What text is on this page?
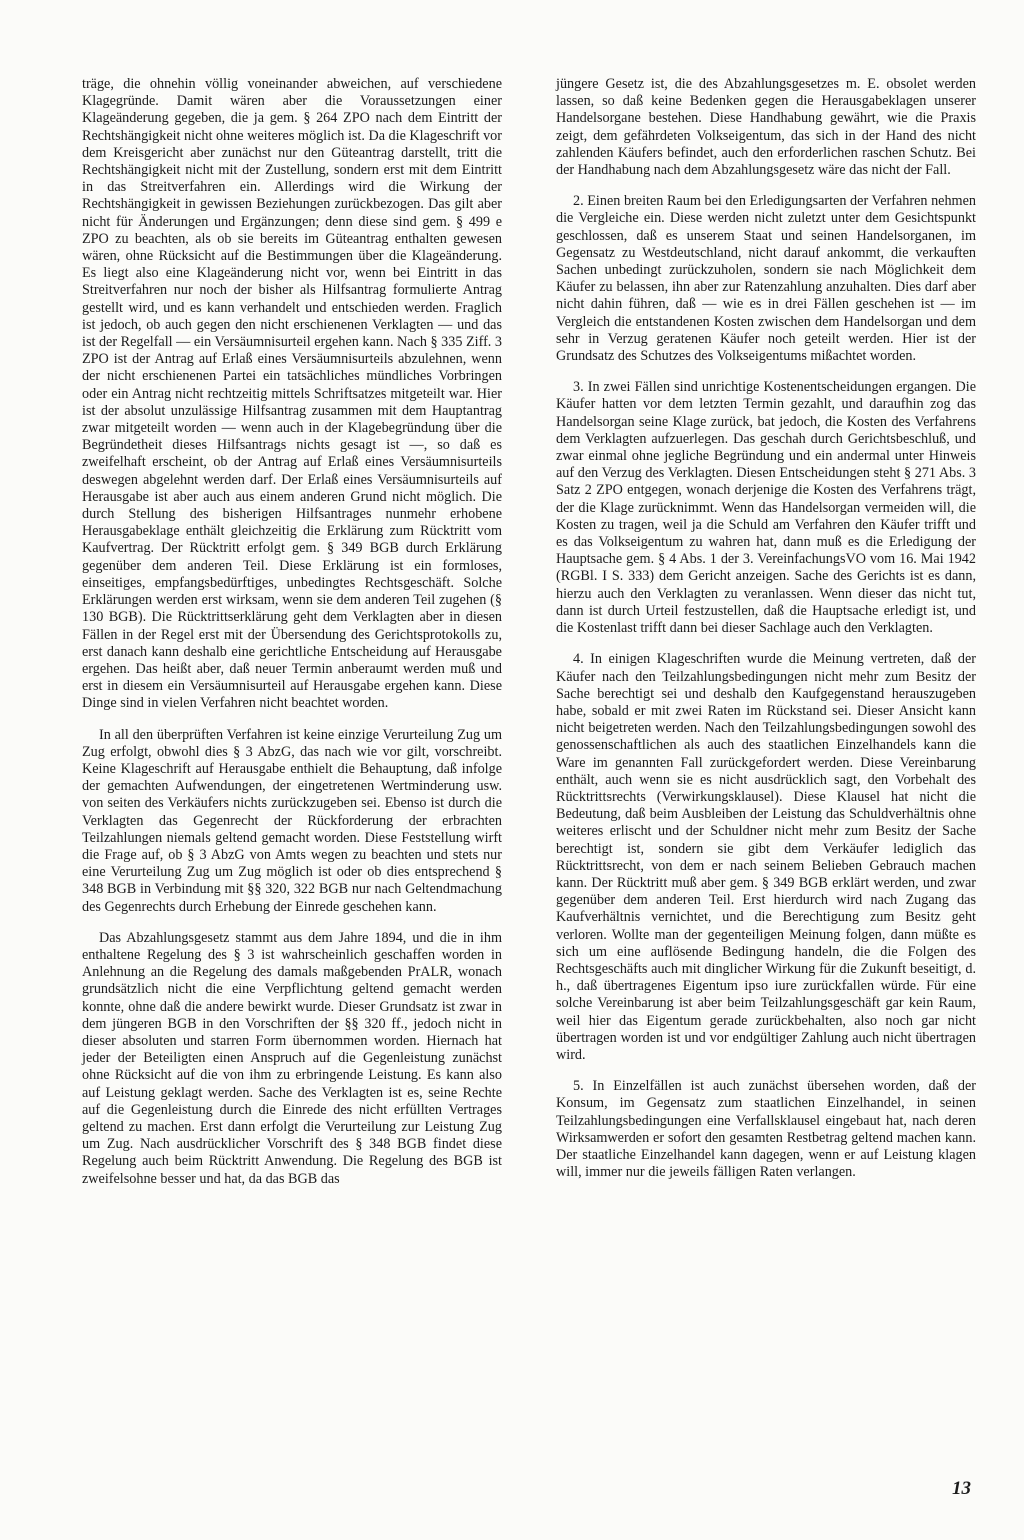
träge, die ohnehin völlig voneinander abweichen, auf verschiedene Klagegründe. Damit wären aber die Voraussetzungen einer Klageänderung gegeben, die ja gem. § 264 ZPO nach dem Eintritt der Rechtshängigkeit nicht ohne weiteres möglich ist. Da die Klageschrift vor dem Kreisgericht aber zunächst nur den Güteantrag darstellt, tritt die Rechtshängigkeit nicht mit der Zustellung, sondern erst mit dem Eintritt in das Streitverfahren ein. Allerdings wird die Wirkung der Rechtshängigkeit in gewissen Beziehungen zurückbezogen. Das gilt aber nicht für Änderungen und Ergänzungen; denn diese sind gem. § 499 e ZPO zu beachten, als ob sie bereits im Güteantrag enthalten gewesen wären, ohne Rücksicht auf die Bestimmungen über die Klageänderung. Es liegt also eine Klageänderung nicht vor, wenn bei Eintritt in das Streitverfahren nur noch der bisher als Hilfsantrag formulierte Antrag gestellt wird, und es kann verhandelt und entschieden werden. Fraglich ist jedoch, ob auch gegen den nicht erschienenen Verklagten — und das ist der Regelfall — ein Versäumnisurteil ergehen kann. Nach § 335 Ziff. 3 ZPO ist der Antrag auf Erlaß eines Versäumnisurteils abzulehnen, wenn der nicht erschienenen Partei ein tatsächliches mündliches Vorbringen oder ein Antrag nicht rechtzeitig mittels Schriftsatzes mitgeteilt war. Hier ist der absolut unzulässige Hilfsantrag zusammen mit dem Hauptantrag zwar mitgeteilt worden — wenn auch in der Klagebegründung über die Begründetheit dieses Hilfsantrags nichts gesagt ist —, so daß es zweifelhaft erscheint, ob der Antrag auf Erlaß eines Versäumnisurteils deswegen abgelehnt werden darf. Der Erlaß eines Versäumnisurteils auf Herausgabe ist aber auch aus einem anderen Grund nicht möglich. Die durch Stellung des bisherigen Hilfsantrages nunmehr erhobene Herausgabeklage enthält gleichzeitig die Erklärung zum Rücktritt vom Kaufvertrag. Der Rücktritt erfolgt gem. § 349 BGB durch Erklärung gegenüber dem anderen Teil. Diese Erklärung ist ein formloses, einseitiges, empfangsbedürftiges, unbedingtes Rechtsgeschäft. Solche Erklärungen werden erst wirksam, wenn sie dem anderen Teil zugehen (§ 130 BGB). Die Rücktrittserklärung geht dem Verklagten aber in diesen Fällen in der Regel erst mit der Übersendung des Gerichtsprotokolls zu, erst danach kann deshalb eine gerichtliche Entscheidung auf Herausgabe ergehen. Das heißt aber, daß neuer Termin anberaumt werden muß und erst in diesem ein Versäumnisurteil auf Herausgabe ergehen kann. Diese Dinge sind in vielen Verfahren nicht beachtet worden.

In all den überprüften Verfahren ist keine einzige Verurteilung Zug um Zug erfolgt, obwohl dies § 3 AbzG, das nach wie vor gilt, vorschreibt. Keine Klageschrift auf Herausgabe enthielt die Behauptung, daß infolge der gemachten Aufwendungen, der eingetretenen Wertminderung usw. von seiten des Verkäufers nichts zurückzugeben sei. Ebenso ist durch die Verklagten das Gegenrecht der Rückforderung der erbrachten Teilzahlungen niemals geltend gemacht worden. Diese Feststellung wirft die Frage auf, ob § 3 AbzG von Amts wegen zu beachten und stets nur eine Verurteilung Zug um Zug möglich ist oder ob dies entsprechend § 348 BGB in Verbindung mit §§ 320, 322 BGB nur nach Geltendmachung des Gegenrechts durch Erhebung der Einrede geschehen kann.

Das Abzahlungsgesetz stammt aus dem Jahre 1894, und die in ihm enthaltene Regelung des § 3 ist wahrscheinlich geschaffen worden in Anlehnung an die Regelung des damals maßgebenden PrALR, wonach grundsätzlich nicht die eine Verpflichtung geltend gemacht werden konnte, ohne daß die andere bewirkt wurde. Dieser Grundsatz ist zwar in dem jüngeren BGB in den Vorschriften der §§ 320 ff., jedoch nicht in dieser absoluten und starren Form übernommen worden. Hiernach hat jeder der Beteiligten einen Anspruch auf die Gegenleistung zunächst ohne Rücksicht auf die von ihm zu erbringende Leistung. Es kann also auf Leistung geklagt werden. Sache des Verklagten ist es, seine Rechte auf die Gegenleistung durch die Einrede des nicht erfüllten Vertrages geltend zu machen. Erst dann erfolgt die Verurteilung zur Leistung Zug um Zug. Nach ausdrücklicher Vorschrift des § 348 BGB findet diese Regelung auch beim Rücktritt Anwendung. Die Regelung des BGB ist zweifelsohne besser und hat, da das BGB das

jüngere Gesetz ist, die des Abzahlungsgesetzes m. E. obsolet werden lassen, so daß keine Bedenken gegen die Herausgabeklagen unserer Handelsorgane bestehen. Diese Handhabung gewährt, wie die Praxis zeigt, dem gefährdeten Volkseigentum, das sich in der Hand des nicht zahlenden Käufers befindet, auch den erforderlichen raschen Schutz. Bei der Handhabung nach dem Abzahlungsgesetz wäre das nicht der Fall.

2. Einen breiten Raum bei den Erledigungsarten der Verfahren nehmen die Vergleiche ein. Diese werden nicht zuletzt unter dem Gesichtspunkt geschlossen, daß es unserem Staat und seinen Handelsorganen, im Gegensatz zu Westdeutschland, nicht darauf ankommt, die verkauften Sachen unbedingt zurückzuholen, sondern sie nach Möglichkeit dem Käufer zu belassen, ihn aber zur Ratenzahlung anzuhalten. Dies darf aber nicht dahin führen, daß — wie es in drei Fällen geschehen ist — im Vergleich die entstandenen Kosten zwischen dem Handelsorgan und dem sehr in Verzug geratenen Käufer noch geteilt werden. Hier ist der Grundsatz des Schutzes des Volkseigentums mißachtet worden.

3. In zwei Fällen sind unrichtige Kostenentscheidungen ergangen. Die Käufer hatten vor dem letzten Termin gezahlt, und daraufhin zog das Handelsorgan seine Klage zurück, bat jedoch, die Kosten des Verfahrens dem Verklagten aufzuerlegen. Das geschah durch Gerichtsbeschluß, und zwar einmal ohne jegliche Begründung und ein andermal unter Hinweis auf den Verzug des Verklagten. Diesen Entscheidungen steht § 271 Abs. 3 Satz 2 ZPO entgegen, wonach derjenige die Kosten des Verfahrens trägt, der die Klage zurücknimmt. Wenn das Handelsorgan vermeiden will, die Kosten zu tragen, weil ja die Schuld am Verfahren den Käufer trifft und es das Volkseigentum zu wahren hat, dann muß es die Erledigung der Hauptsache gem. § 4 Abs. 1 der 3. VereinfachungsVO vom 16. Mai 1942 (RGBl. I S. 333) dem Gericht anzeigen. Sache des Gerichts ist es dann, hierzu auch den Verklagten zu veranlassen. Wenn dieser das nicht tut, dann ist durch Urteil festzustellen, daß die Hauptsache erledigt ist, und die Kostenlast trifft dann bei dieser Sachlage auch den Verklagten.

4. In einigen Klageschriften wurde die Meinung vertreten, daß der Käufer nach den Teilzahlungsbedingungen nicht mehr zum Besitz der Sache berechtigt sei und deshalb den Kaufgegenstand herauszugeben habe, sobald er mit zwei Raten im Rückstand sei. Dieser Ansicht kann nicht beigetreten werden. Nach den Teilzahlungsbedingungen sowohl des genossenschaftlichen als auch des staatlichen Einzelhandels kann die Ware im genannten Fall zurückgefordert werden. Diese Vereinbarung enthält, auch wenn sie es nicht ausdrücklich sagt, den Vorbehalt des Rücktrittsrechts (Verwirkungsklausel). Diese Klausel hat nicht die Bedeutung, daß beim Ausbleiben der Leistung das Schuldverhältnis ohne weiteres erlischt und der Schuldner nicht mehr zum Besitz der Sache berechtigt ist, sondern sie gibt dem Verkäufer lediglich das Rücktrittsrecht, von dem er nach seinem Belieben Gebrauch machen kann. Der Rücktritt muß aber gem. § 349 BGB erklärt werden, und zwar gegenüber dem anderen Teil. Erst hierdurch wird nach Zugang das Kaufverhältnis vernichtet, und die Berechtigung zum Besitz geht verloren. Wollte man der gegenteiligen Meinung folgen, dann müßte es sich um eine auflösende Bedingung handeln, die die Folgen des Rechtsgeschäfts auch mit dinglicher Wirkung für die Zukunft beseitigt, d. h., daß übertragenes Eigentum ipso iure zurückfallen würde. Für eine solche Vereinbarung ist aber beim Teilzahlungsgeschäft gar kein Raum, weil hier das Eigentum gerade zurückbehalten, also noch gar nicht übertragen worden ist und vor endgültiger Zahlung auch nicht übertragen wird.

5. In Einzelfällen ist auch zunächst übersehen worden, daß der Konsum, im Gegensatz zum staatlichen Einzelhandel, in seinen Teilzahlungsbedingungen eine Verfallsklausel eingebaut hat, nach deren Wirksamwerden er sofort den gesamten Restbetrag geltend machen kann. Der staatliche Einzelhandel kann dagegen, wenn er auf Leistung klagen will, immer nur die jeweils fälligen Raten verlangen.

13
